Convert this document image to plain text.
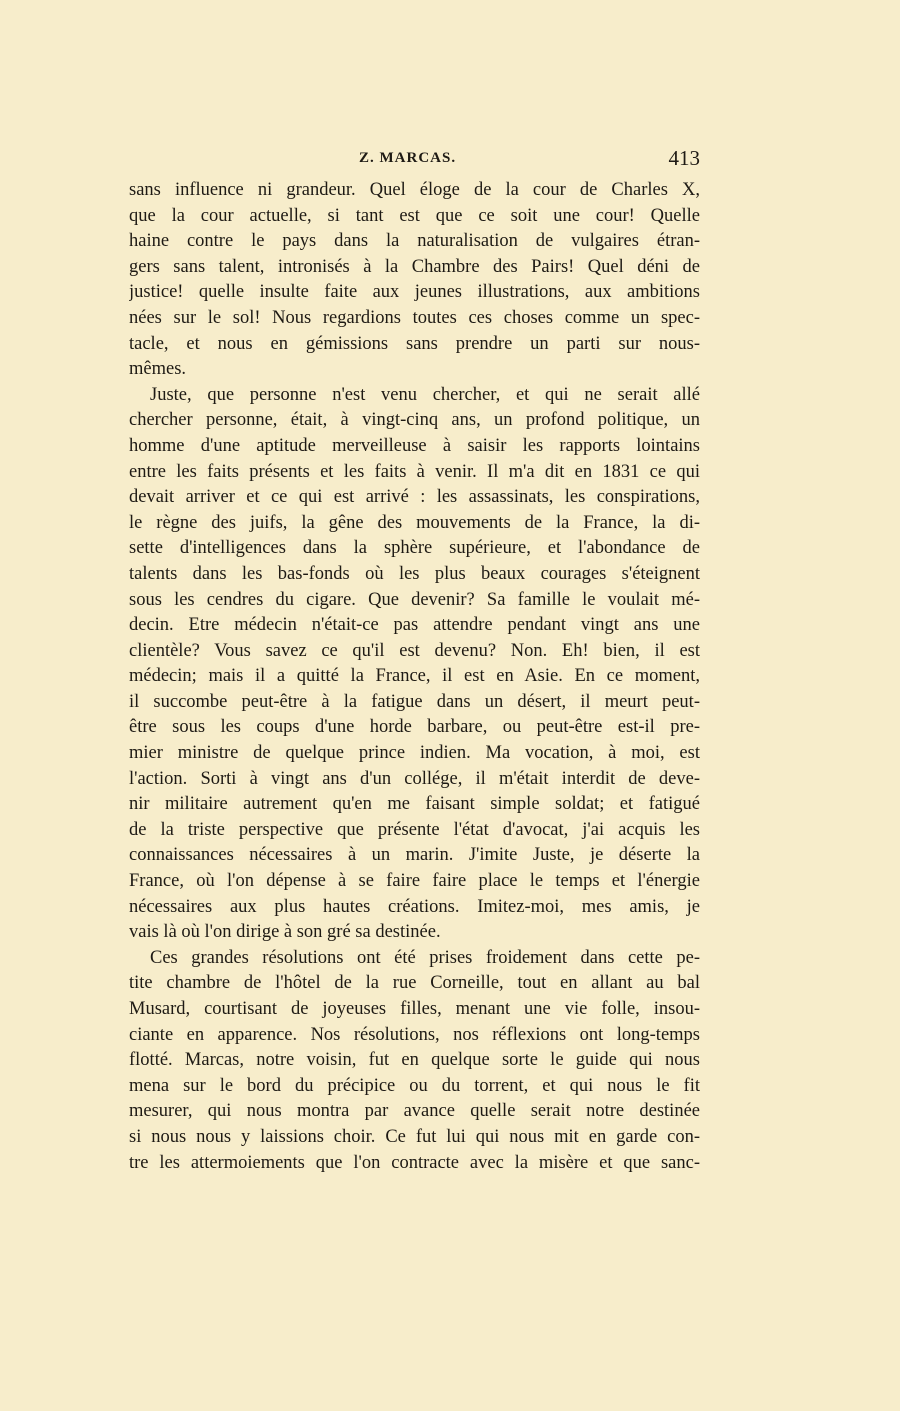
Z. MARCAS.	413
sans influence ni grandeur. Quel éloge de la cour de Charles X,
que la cour actuelle, si tant est que ce soit une cour! Quelle
haine contre le pays dans la naturalisation de vulgaires étran-
gers sans talent, intronisés à la Chambre des Pairs! Quel déni de
justice! quelle insulte faite aux jeunes illustrations, aux ambitions
nées sur le sol! Nous regardions toutes ces choses comme un spec-
tacle, et nous en gémissions sans prendre un parti sur nous-
mêmes.
Juste, que personne n'est venu chercher, et qui ne serait allé
chercher personne, était, à vingt-cinq ans, un profond politique, un
homme d'une aptitude merveilleuse à saisir les rapports lointains
entre les faits présents et les faits à venir. Il m'a dit en 1831 ce qui
devait arriver et ce qui est arrivé : les assassinats, les conspirations,
le règne des juifs, la gêne des mouvements de la France, la di-
sette d'intelligences dans la sphère supérieure, et l'abondance de
talents dans les bas-fonds où les plus beaux courages s'éteignent
sous les cendres du cigare. Que devenir? Sa famille le voulait mé-
decin. Etre médecin n'était-ce pas attendre pendant vingt ans une
clientèle? Vous savez ce qu'il est devenu? Non. Eh! bien, il est
médecin; mais il a quitté la France, il est en Asie. En ce moment,
il succombe peut-être à la fatigue dans un désert, il meurt peut-
être sous les coups d'une horde barbare, ou peut-être est-il pre-
mier ministre de quelque prince indien. Ma vocation, à moi, est
l'action. Sorti à vingt ans d'un collége, il m'était interdit de deve-
nir militaire autrement qu'en me faisant simple soldat; et fatigué
de la triste perspective que présente l'état d'avocat, j'ai acquis les
connaissances nécessaires à un marin. J'imite Juste, je déserte la
France, où l'on dépense à se faire faire place le temps et l'énergie
nécessaires aux plus hautes créations. Imitez-moi, mes amis, je
vais là où l'on dirige à son gré sa destinée.
Ces grandes résolutions ont été prises froidement dans cette pe-
tite chambre de l'hôtel de la rue Corneille, tout en allant au bal
Musard, courtisant de joyeuses filles, menant une vie folle, insou-
ciante en apparence. Nos résolutions, nos réflexions ont long-temps
flotté. Marcas, notre voisin, fut en quelque sorte le guide qui nous
mena sur le bord du précipice ou du torrent, et qui nous le fit
mesurer, qui nous montra par avance quelle serait notre destinée
si nous nous y laissions choir. Ce fut lui qui nous mit en garde con-
tre les attermoiements que l'on contracte avec la misère et que sanc-
